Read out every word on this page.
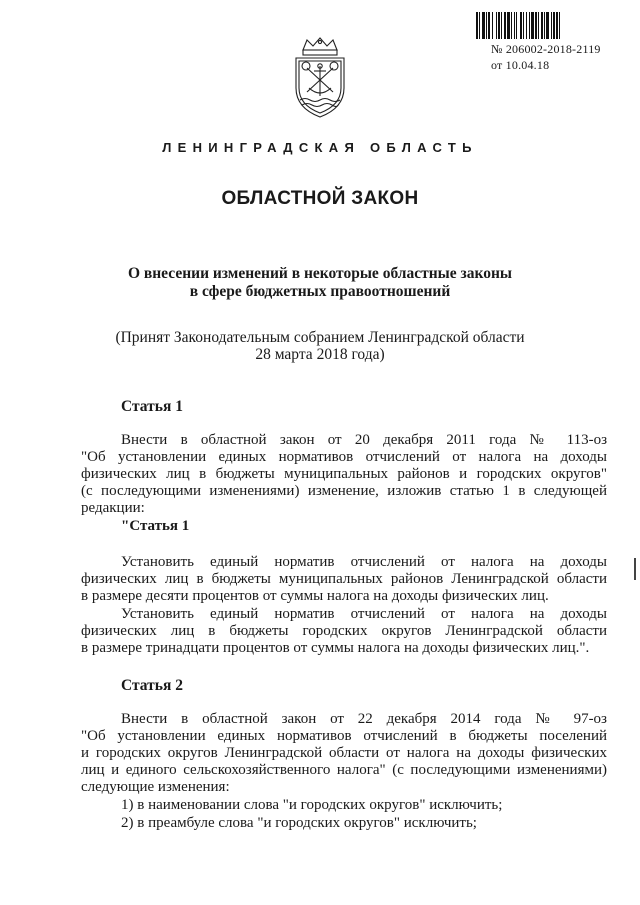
№ 206002-2018-2119
от 10.04.18
ЛЕНИНГРАДСКАЯ ОБЛАСТЬ
ОБЛАСТНОЙ ЗАКОН
О внесении изменений в некоторые областные законы
в сфере бюджетных правоотношений
(Принят Законодательным собранием Ленинградской области
28 марта 2018 года)
Статья 1
Внести в областной закон от 20 декабря 2011 года № 113-оз
"Об установлении единых нормативов отчислений от налога на доходы
физических лиц в бюджеты муниципальных районов и городских округов"
(с последующими изменениями) изменение, изложив статью 1 в следующей
редакции:
"Статья 1
Установить единый норматив отчислений от налога на доходы
физических лиц в бюджеты муниципальных районов Ленинградской области
в размере десяти процентов от суммы налога на доходы физических лиц.
Установить единый норматив отчислений от налога на доходы
физических лиц в бюджеты городских округов Ленинградской области
в размере тринадцати процентов от суммы налога на доходы физических лиц.".
Статья 2
Внести в областной закон от 22 декабря 2014 года № 97-оз
"Об установлении единых нормативов отчислений в бюджеты поселений
и городских округов Ленинградской области от налога на доходы физических
лиц и единого сельскохозяйственного налога" (с последующими изменениями)
следующие изменения:
1) в наименовании слова "и городских округов" исключить;
2) в преамбуле слова "и городских округов" исключить;
